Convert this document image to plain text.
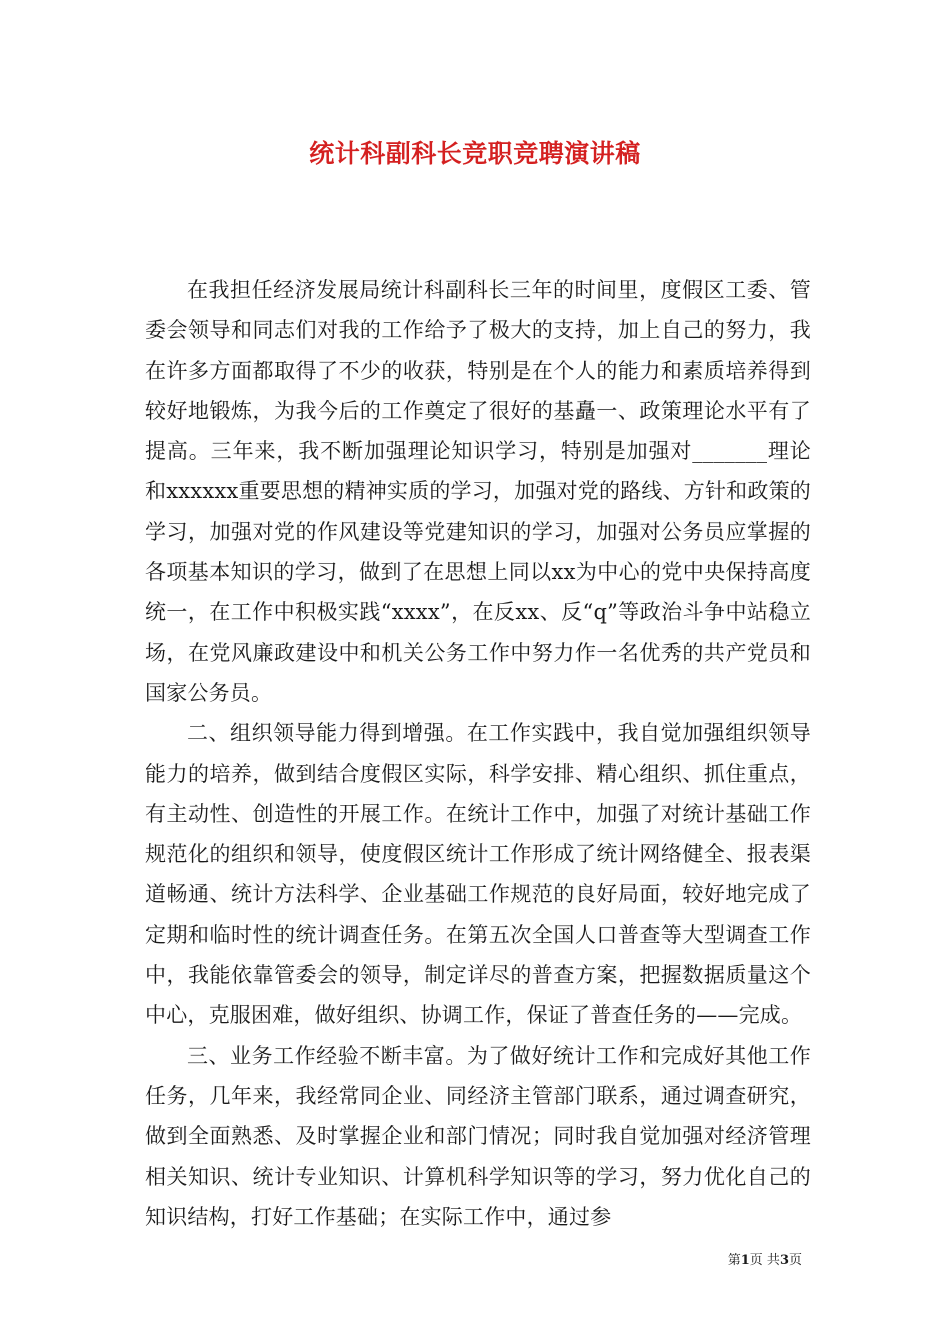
统计科副科长竞职竞聘演讲稿

在我担任经济发展局统计科副科长三年的时间里，度假区工委、管委会领导和同志们对我的工作给予了极大的支持，加上自己的努力，我在许多方面都取得了不少的收获，特别是在个人的能力和素质培养得到较好地锻炼，为我今后的工作奠定了很好的基矗一、政策理论水平有了提高。三年来，我不断加强理论知识学习，特别是加强对_______理论和xxxxxx重要思想的精神实质的学习，加强对党的路线、方针和政策的学习，加强对党的作风建设等党建知识的学习，加强对公务员应掌握的各项基本知识的学习，做到了在思想上同以xx为中心的党中央保持高度统一，在工作中积极实践“xxxx”，在反xx、反“q”等政治斗争中站稳立场，在党风廉政建设中和机关公务工作中努力作一名优秀的共产党员和国家公务员。

二、组织领导能力得到增强。在工作实践中，我自觉加强组织领导能力的培养，做到结合度假区实际，科学安排、精心组织、抓住重点，有主动性、创造性的开展工作。在统计工作中，加强了对统计基础工作规范化的组织和领导，使度假区统计工作形成了统计网络健全、报表渠道畅通、统计方法科学、企业基础工作规范的良好局面，较好地完成了定期和临时性的统计调查任务。在第五次全国人口普查等大型调查工作中，我能依靠管委会的领导，制定详尽的普查方案，把握数据质量这个中心，克服困难，做好组织、协调工作，保证了普查任务的——完成。

三、业务工作经验不断丰富。为了做好统计工作和完成好其他工作任务，几年来，我经常同企业、同经济主管部门联系，通过调查研究，做到全面熟悉、及时掌握企业和部门情况；同时我自觉加强对经济管理相关知识、统计专业知识、计算机科学知识等的学习，努力优化自己的知识结构，打好工作基础；在实际工作中，通过参

第1页 共3页
